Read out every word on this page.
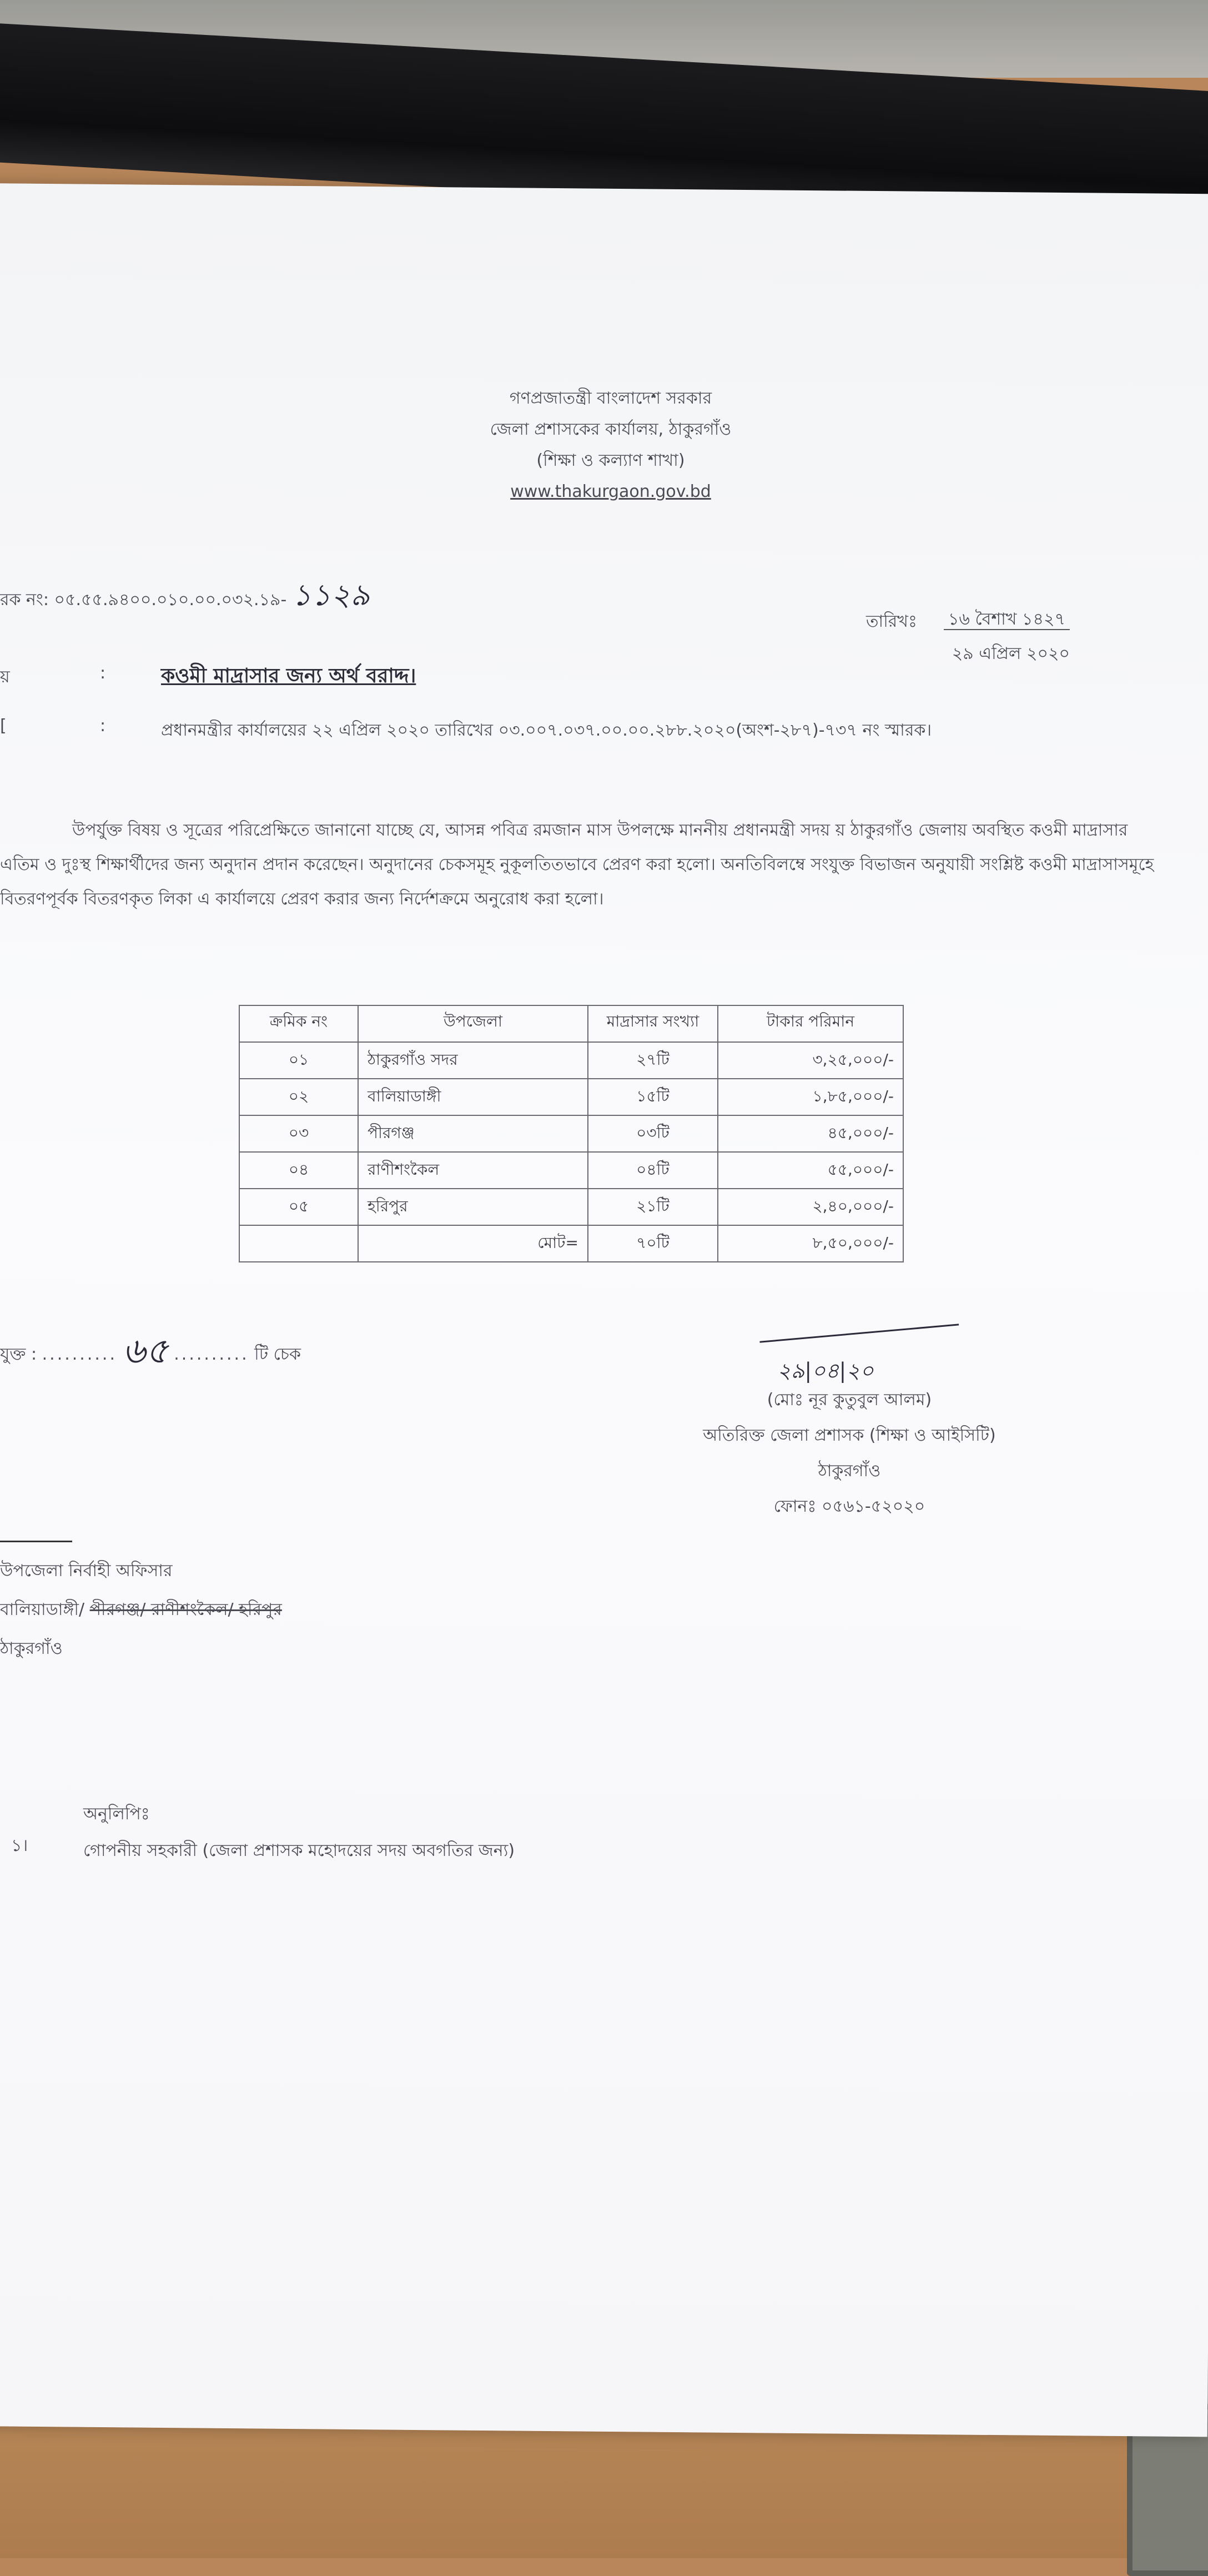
গণপ্রজাতন্ত্রী বাংলাদেশ সরকার
জেলা প্রশাসকের কার্যালয়, ঠাকুরগাঁও
(শিক্ষা ও কল্যাণ শাখা)
www.thakurgaon.gov.bd
রক নং: ০৫.৫৫.৯৪০০.০১০.০০.০৩২.১৯- ১১২৯
তারিখঃ ১৬ বৈশাখ ১৪২৭
২৯ এপ্রিল ২০২০
য়	:	কওমী মাদ্রাসার জন্য অর্থ বরাদ্দ।
[	:	প্রধানমন্ত্রীর কার্যালয়ের ২২ এপ্রিল ২০২০ তারিখের ০৩.০০৭.০৩৭.০০.০০.২৮৮.২০২০(অংশ-২৮৭)-৭৩৭ নং স্মারক।
উপর্যুক্ত বিষয় ও সূত্রের পরিপ্রেক্ষিতে জানানো যাচ্ছে যে, আসন্ন পবিত্র রমজান মাস উপলক্ষে মাননীয় প্রধানমন্ত্রী সদয় য় ঠাকুরগাঁও জেলায় অবস্থিত কওমী মাদ্রাসার এতিম ও দুঃস্থ শিক্ষার্থীদের জন্য অনুদান প্রদান করেছেন। অনুদানের চেকসমূহ নুকূলতিতভাবে প্রেরণ করা হলো। অনতিবিলম্বে সংযুক্ত বিভাজন অনুযায়ী সংশ্লিষ্ট কওমী মাদ্রাসাসমূহে বিতরণপূর্বক বিতরণকৃত লিকা এ কার্যালয়ে প্রেরণ করার জন্য নির্দেশক্রমে অনুরোধ করা হলো।
ক্রমিক নং	উপজেলা	মাদ্রাসার সংখ্যা	টাকার পরিমান
০১	ঠাকুরগাঁও সদর	২৭টি	৩,২৫,০০০/-
০২	বালিয়াডাঙ্গী	১৫টি	১,৮৫,০০০/-
০৩	পীরগঞ্জ	০৩টি	৪৫,০০০/-
০৪	রাণীশংকৈল	০৪টি	৫৫,০০০/-
০৫	হরিপুর	২১টি	২,৪০,০০০/-
	মোট=	৭০টি	৮,৫০,০০০/-
যুক্ত : .......... ৬৫ .......... টি চেক
২৯|০৪|২০
(মোঃ নূর কুতুবুল আলম)
অতিরিক্ত জেলা প্রশাসক (শিক্ষা ও আইসিটি)
ঠাকুরগাঁও
ফোনঃ ০৫৬১-৫২০২০
উপজেলা নির্বাহী অফিসার
বালিয়াডাঙ্গী/ পীরগঞ্জ/ রাণীশংকৈল/ হরিপুর
ঠাকুরগাঁও
অনুলিপিঃ
গোপনীয় সহকারী (জেলা প্রশাসক মহোদয়ের সদয় অবগতির জন্য)
১।
